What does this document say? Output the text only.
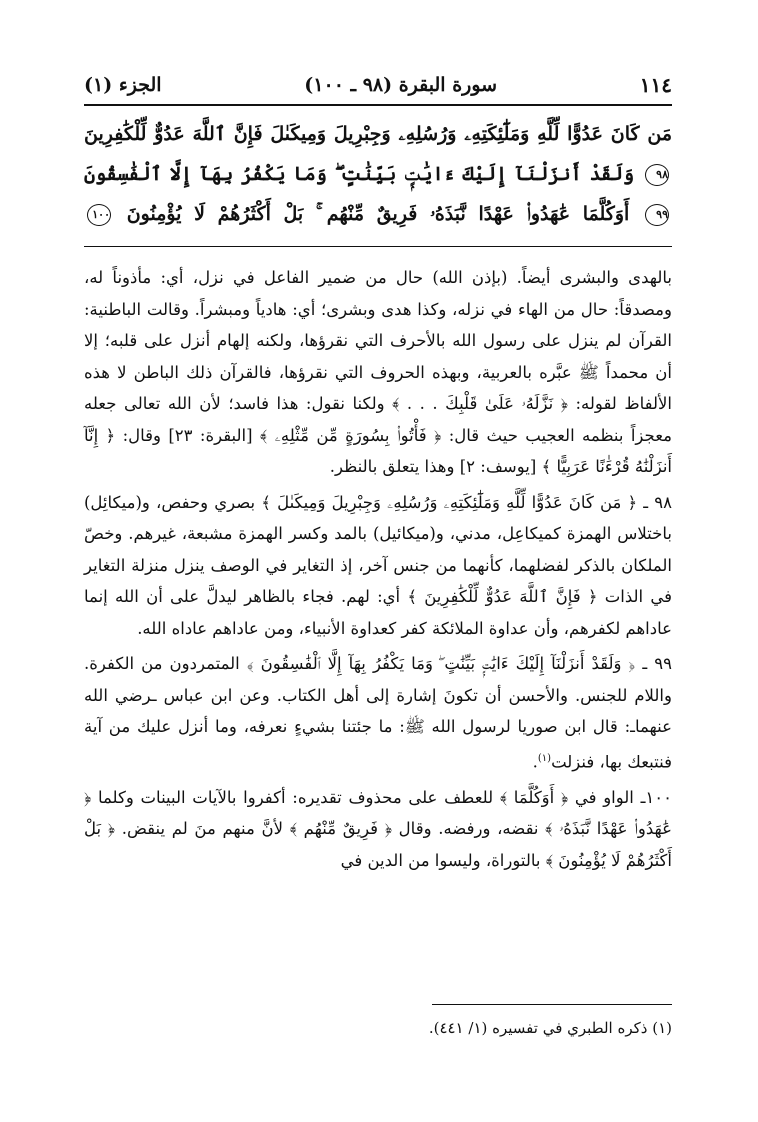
١١٤
سورة البقرة (٩٨ ـ ١٠٠)
الجزء (١)

مَن كَانَ عَدُوًّا لِّلَّهِ وَمَلَٰٓئِكَتِهِۦ وَرُسُلِهِۦ وَجِبْرِيلَ وَمِيكَىٰلَ فَإِنَّ ٱللَّهَ عَدُوٌّ لِّلْكَٰفِرِينَ ٩٨ وَلَقَدْ أَنزَلْنَآ إِلَيْكَ ءَايَٰتٍۭ بَيِّنَٰتٍ ۖ وَمَا يَكْفُرُ بِهَآ إِلَّا ٱلْفَٰسِقُونَ ٩٩ أَوَكُلَّمَا عَٰهَدُوا۟ عَهْدًا نَّبَذَهُۥ فَرِيقٌ مِّنْهُم ۚ بَلْ أَكْثَرُهُمْ لَا يُؤْمِنُونَ ١٠٠

بالهدى والبشرى أيضاً. (بإذن الله) حال من ضمير الفاعل في نزل، أي: مأذوناً له، ومصدقاً: حال من الهاء في نزله، وكذا هدى وبشرى؛ أي: هادياً ومبشراً. وقالت الباطنية: القرآن لم ينزل على رسول الله بالأحرف التي نقرؤها، ولكنه إلهام أنزل على قلبه؛ إلا أن محمداً ﷺ عبَّره بالعربية، وبهذه الحروف التي نقرؤها، فالقرآن ذلك الباطن لا هذه الألفاظ لقوله: ﴿ نَزَّلَهُۥ عَلَىٰ قَلْبِكَ . . . ﴾ ولكنا نقول: هذا فاسد؛ لأن الله تعالى جعله معجزاً بنظمه العجيب حيث قال: ﴿ فَأْتُوا۟ بِسُورَةٍ مِّن مِّثْلِهِۦ ﴾ [البقرة: ٢٣] وقال: ﴿ إِنَّآ أَنزَلْنَٰهُ قُرْءَٰنًا عَرَبِيًّا ﴾ [يوسف: ٢] وهذا يتعلق بالنظر.

٩٨ ـ ﴿ مَن كَانَ عَدُوًّا لِّلَّهِ وَمَلَٰٓئِكَتِهِۦ وَرُسُلِهِۦ وَجِبْرِيلَ وَمِيكَىٰلَ ﴾ بصري وحفص، و(ميكائِل) باختلاس الهمزة كميكاعِل، مدني، و(ميكائيل) بالمد وكسر الهمزة مشبعة، غيرهم. وخصّ الملكان بالذكر لفضلهما، كأنهما من جنس آخر، إذ التغاير في الوصف ينزل منزلة التغاير في الذات ﴿ فَإِنَّ ٱللَّهَ عَدُوٌّ لِّلْكَٰفِرِينَ ﴾ أي: لهم. فجاء بالظاهر ليدلَّ على أن الله إنما عاداهم لكفرهم، وأن عداوة الملائكة كفر كعداوة الأنبياء، ومن عاداهم عاداه الله.

٩٩ ـ ﴿ وَلَقَدْ أَنزَلْنَآ إِلَيْكَ ءَايَٰتٍۭ بَيِّنَٰتٍ ۖ وَمَا يَكْفُرُ بِهَآ إِلَّا ٱلْفَٰسِقُونَ ﴾ المتمردون من الكفرة. واللام للجنس. والأحسن أن تكونَ إشارة إلى أهل الكتاب. وعن ابن عباس ـرضي الله عنهماـ: قال ابن صوريا لرسول الله ﷺ: ما جئتنا بشيءٍ نعرفه، وما أنزل عليك من آية فنتبعك بها، فنزلت$^{(١)}$.

١٠٠ـ الواو في ﴿ أَوَكُلَّمَا ﴾ للعطف على محذوف تقديره: أكفروا بالآيات البينات وكلما ﴿ عَٰهَدُوا۟ عَهْدًا نَّبَذَهُۥ ﴾ نقضه، ورفضه. وقال ﴿ فَرِيقٌ مِّنْهُم ﴾ لأنَّ منهم منَ لم ينقض. ﴿ بَلْ أَكْثَرُهُمْ لَا يُؤْمِنُونَ ﴾ بالتوراة، وليسوا من الدين في

(١) ذكره الطبري في تفسيره (١/ ٤٤١).
